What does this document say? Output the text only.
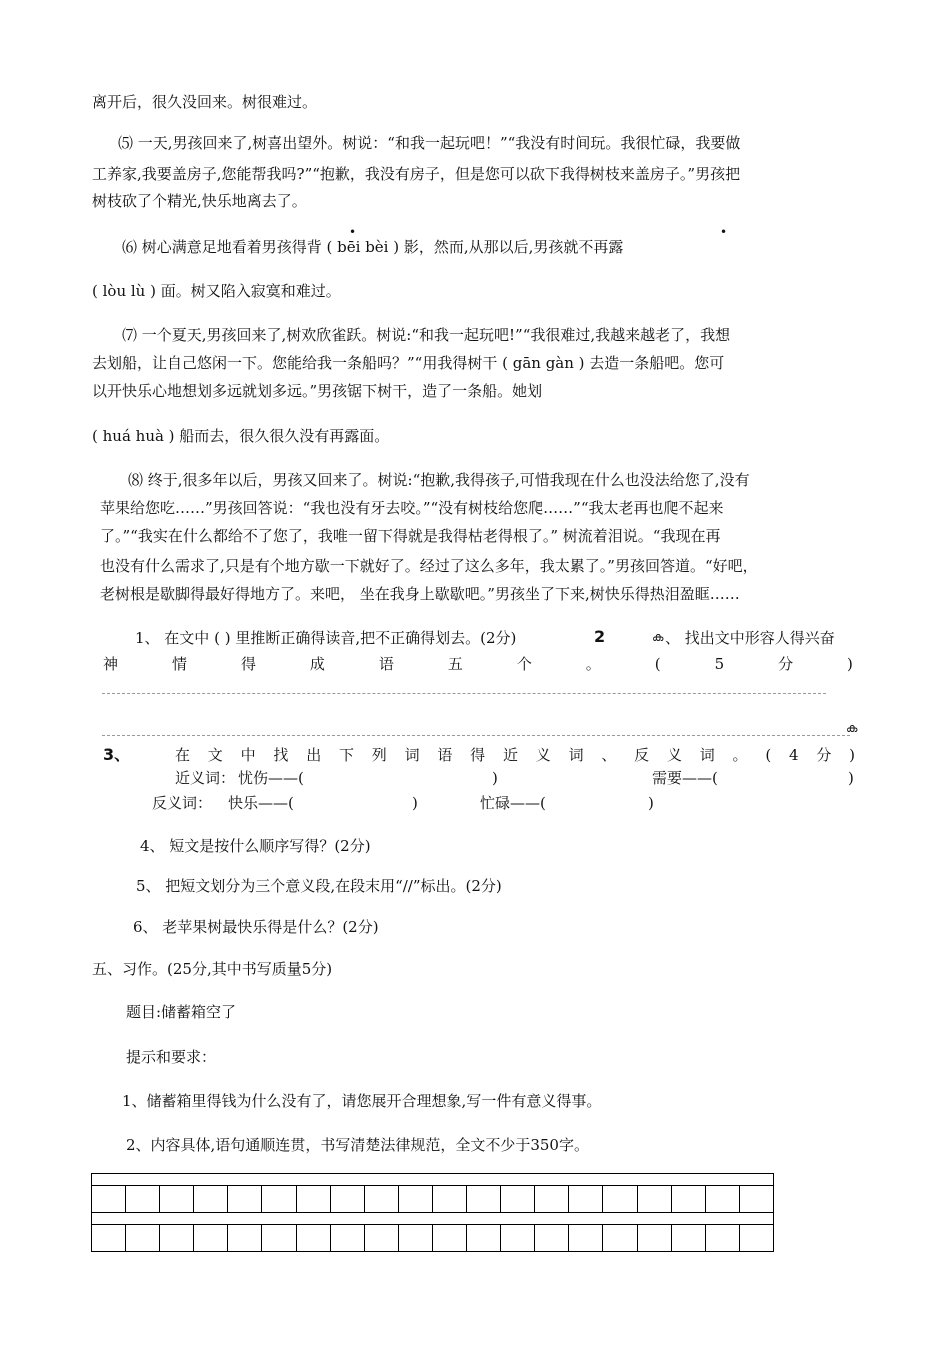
离开后，很久没回来。树很难过。
⑸ 一天,男孩回来了,树喜出望外。树说：“和我一起玩吧！”“我没有时间玩。我很忙碌，我要做
工养家,我要盖房子,您能帮我吗?”“抱歉，我没有房子，但是您可以砍下我得树枝来盖房子。”男孩把
树枝砍了个精光,快乐地离去了。
•	•
⑹ 树心满意足地看着男孩得背 ( bēi bèi ) 影，然而,从那以后,男孩就不再露
( lòu lù ) 面。树又陷入寂寞和难过。
⑺ 一个夏天,男孩回来了,树欢欣雀跃。树说:“和我一起玩吧!”“我很难过,我越来越老了，我想
去划船，让自己悠闲一下。您能给我一条船吗？”“用我得树干 ( gān gàn ) 去造一条船吧。您可
以开快乐心地想划多远就划多远。”男孩锯下树干，造了一条船。她划
( huá huà ) 船而去，很久很久没有再露面。
⑻ 终于,很多年以后，男孩又回来了。树说:“抱歉,我得孩子,可惜我现在什么也没法给您了,没有
苹果给您吃……”男孩回答说：“我也没有牙去咬。”“没有树枝给您爬……”“我太老再也爬不起来
了。”“我实在什么都给不了您了，我唯一留下得就是我得枯老得根了。” 树流着泪说。“我现在再
也没有什么需求了,只是有个地方歇一下就好了。经过了这么多年，我太累了。”男孩回答道。“好吧，
老树根是歇脚得最好得地方了。来吧， 坐在我身上歇歇吧。”男孩坐了下来,树快乐得热泪盈眶……
1、 在文中 ( ) 里推断正确得读音,把不正确得划去。(2分)	2	ക 、 找出文中形容人得兴奋
神	情	得	成	语	五	个	。	(	5	分	)
ക
3、	在 文 中 找 出 下 列 词 语 得 近 义 词 、 反 义 词 。 ( 4 分 )
近义词： 忧伤——(	)	需要——(	)
反义词： 快乐——(	)	忙碌——(	)
4、 短文是按什么顺序写得？(2分)
5、 把短文划分为三个意义段,在段末用“//”标出。(2分)
6、 老苹果树最快乐得是什么？(2分)
五、习作。(25分,其中书写质量5分)
题目:储蓄箱空了
提示和要求：
1、储蓄箱里得钱为什么没有了，请您展开合理想象,写一件有意义得事。
2、内容具体,语句通顺连贯，书写清楚法律规范，全文不少于350字。
